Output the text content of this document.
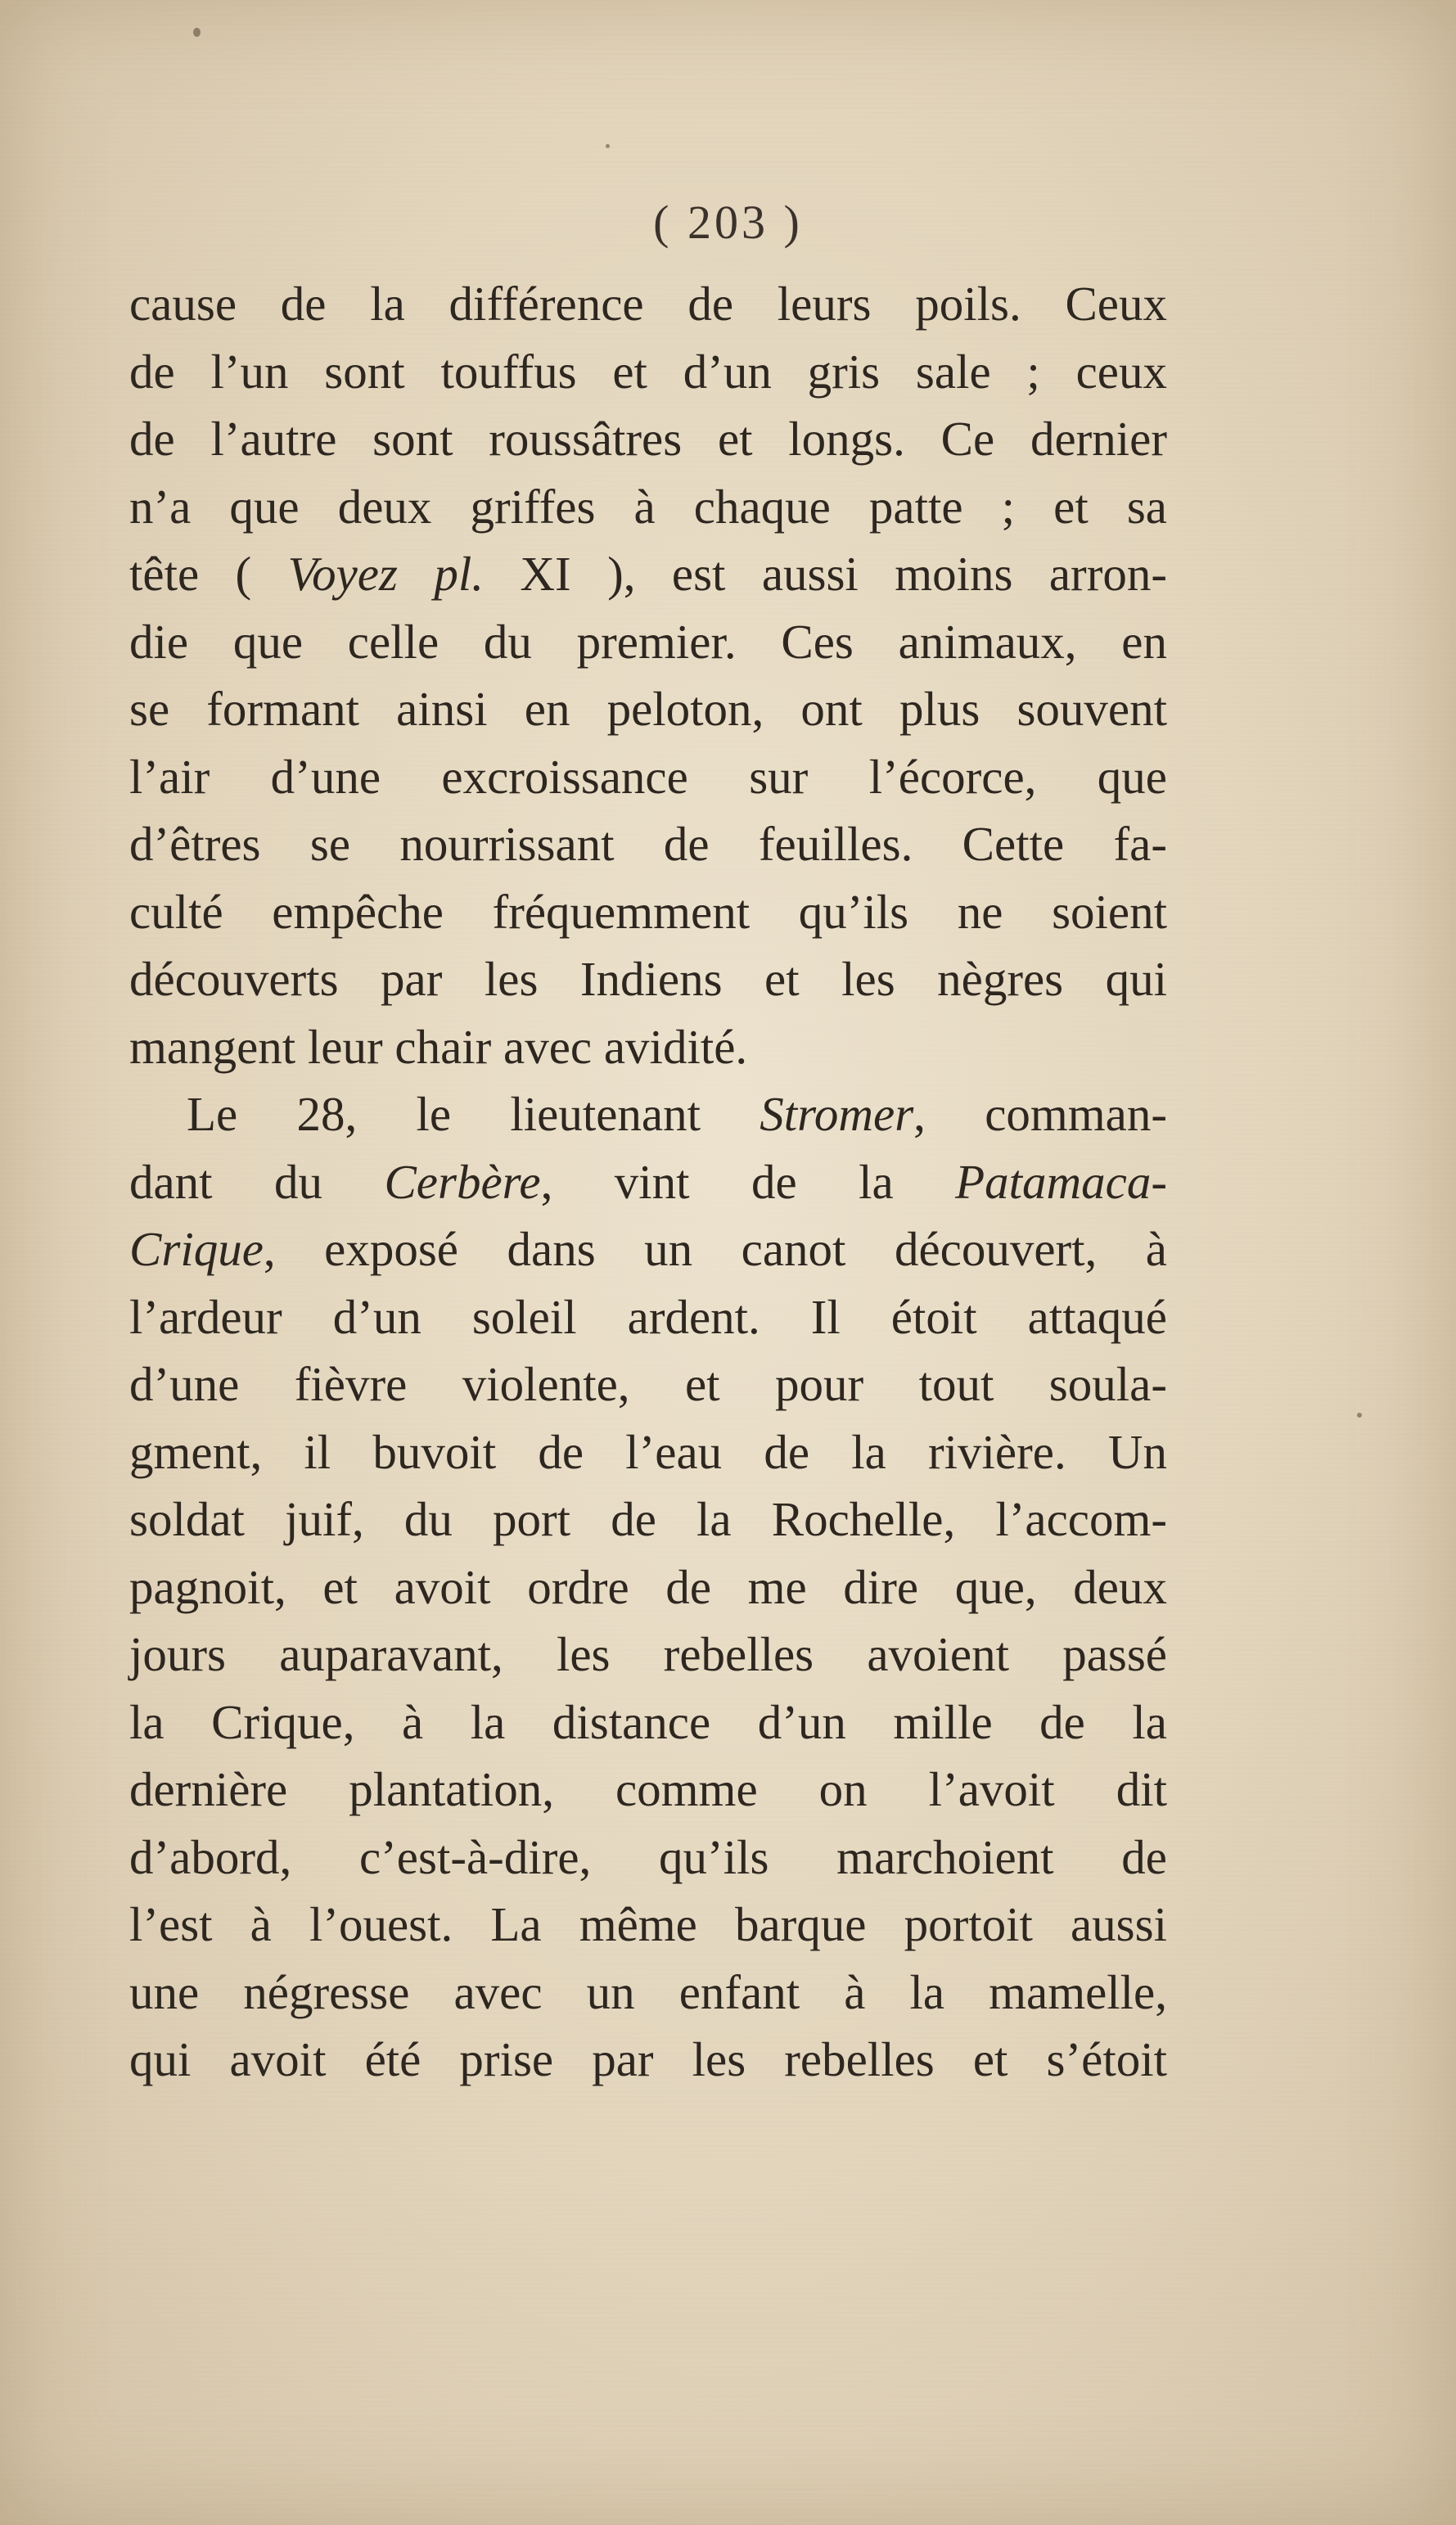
( 203 )
cause de la différence de leurs poils. Ceux
de l’un sont touffus et d’un gris sale ; ceux
de l’autre sont roussâtres et longs. Ce dernier
n’a que deux griffes à chaque patte ; et sa
tête ( Voyez pl. XI ), est aussi moins arron-
die que celle du premier. Ces animaux, en
se formant ainsi en peloton, ont plus souvent
l’air d’une excroissance sur l’écorce, que
d’êtres se nourrissant de feuilles. Cette fa-
culté empêche fréquemment qu’ils ne soient
découverts par les Indiens et les nègres qui
mangent leur chair avec avidité.
Le 28, le lieutenant Stromer, comman-
dant du Cerbère, vint de la Patamaca-
Crique, exposé dans un canot découvert, à
l’ardeur d’un soleil ardent. Il étoit attaqué
d’une fièvre violente, et pour tout soula-
gment, il buvoit de l’eau de la rivière. Un
soldat juif, du port de la Rochelle, l’accom-
pagnoit, et avoit ordre de me dire que, deux
jours auparavant, les rebelles avoient passé
la Crique, à la distance d’un mille de la
dernière plantation, comme on l’avoit dit
d’abord, c’est-à-dire, qu’ils marchoient de
l’est à l’ouest. La même barque portoit aussi
une négresse avec un enfant à la mamelle,
qui avoit été prise par les rebelles et s’étoit
